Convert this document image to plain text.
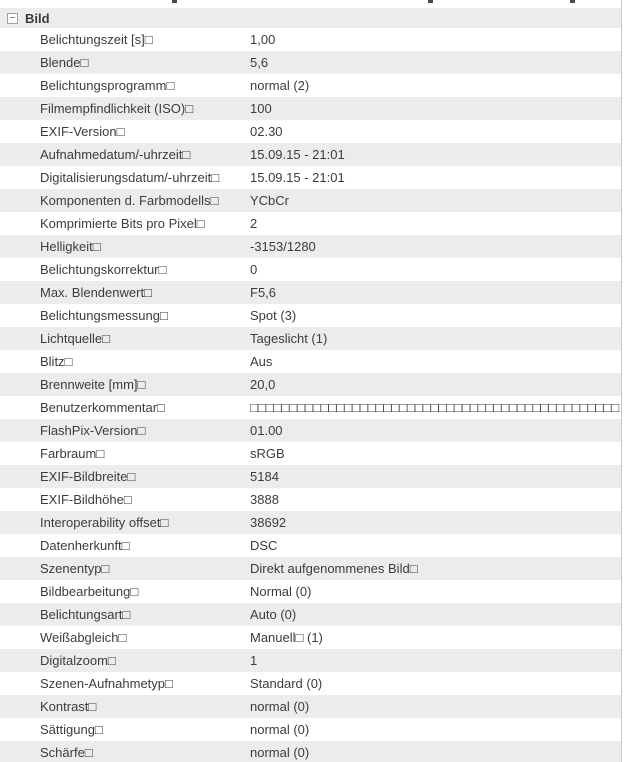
− Bild
Belichtungszeit [s]□	1,00
Blende□	5,6
Belichtungsprogramm□	normal (2)
Filmempfindlichkeit (ISO)□	100
EXIF-Version□	02.30
Aufnahmedatum/-uhrzeit□	15.09.15 - 21:01
Digitalisierungsdatum/-uhrzeit□	15.09.15 - 21:01
Komponenten d. Farbmodells□	YCbCr
Komprimierte Bits pro Pixel□	2
Helligkeit□	-3153/1280
Belichtungskorrektur□	0
Max. Blendenwert□	F5,6
Belichtungsmessung□	Spot (3)
Lichtquelle□	Tageslicht (1)
Blitz□	Aus
Brennweite [mm]□	20,0
Benutzerkommentar□	□□□□□□□□□□□□□□□□□□□□□□□□□□□□□□□□□□□□□□□□□□□□□□□
FlashPix-Version□	01.00
Farbraum□	sRGB
EXIF-Bildbreite□	5184
EXIF-Bildhöhe□	3888
Interoperability offset□	38692
Datenherkunft□	DSC
Szenentyp□	Direkt aufgenommenes Bild□
Bildbearbeitung□	Normal (0)
Belichtungsart□	Auto (0)
Weißabgleich□	Manuell□ (1)
Digitalzoom□	1
Szenen-Aufnahmetyp□	Standard (0)
Kontrast□	normal (0)
Sättigung□	normal (0)
Schärfe□	normal (0)
